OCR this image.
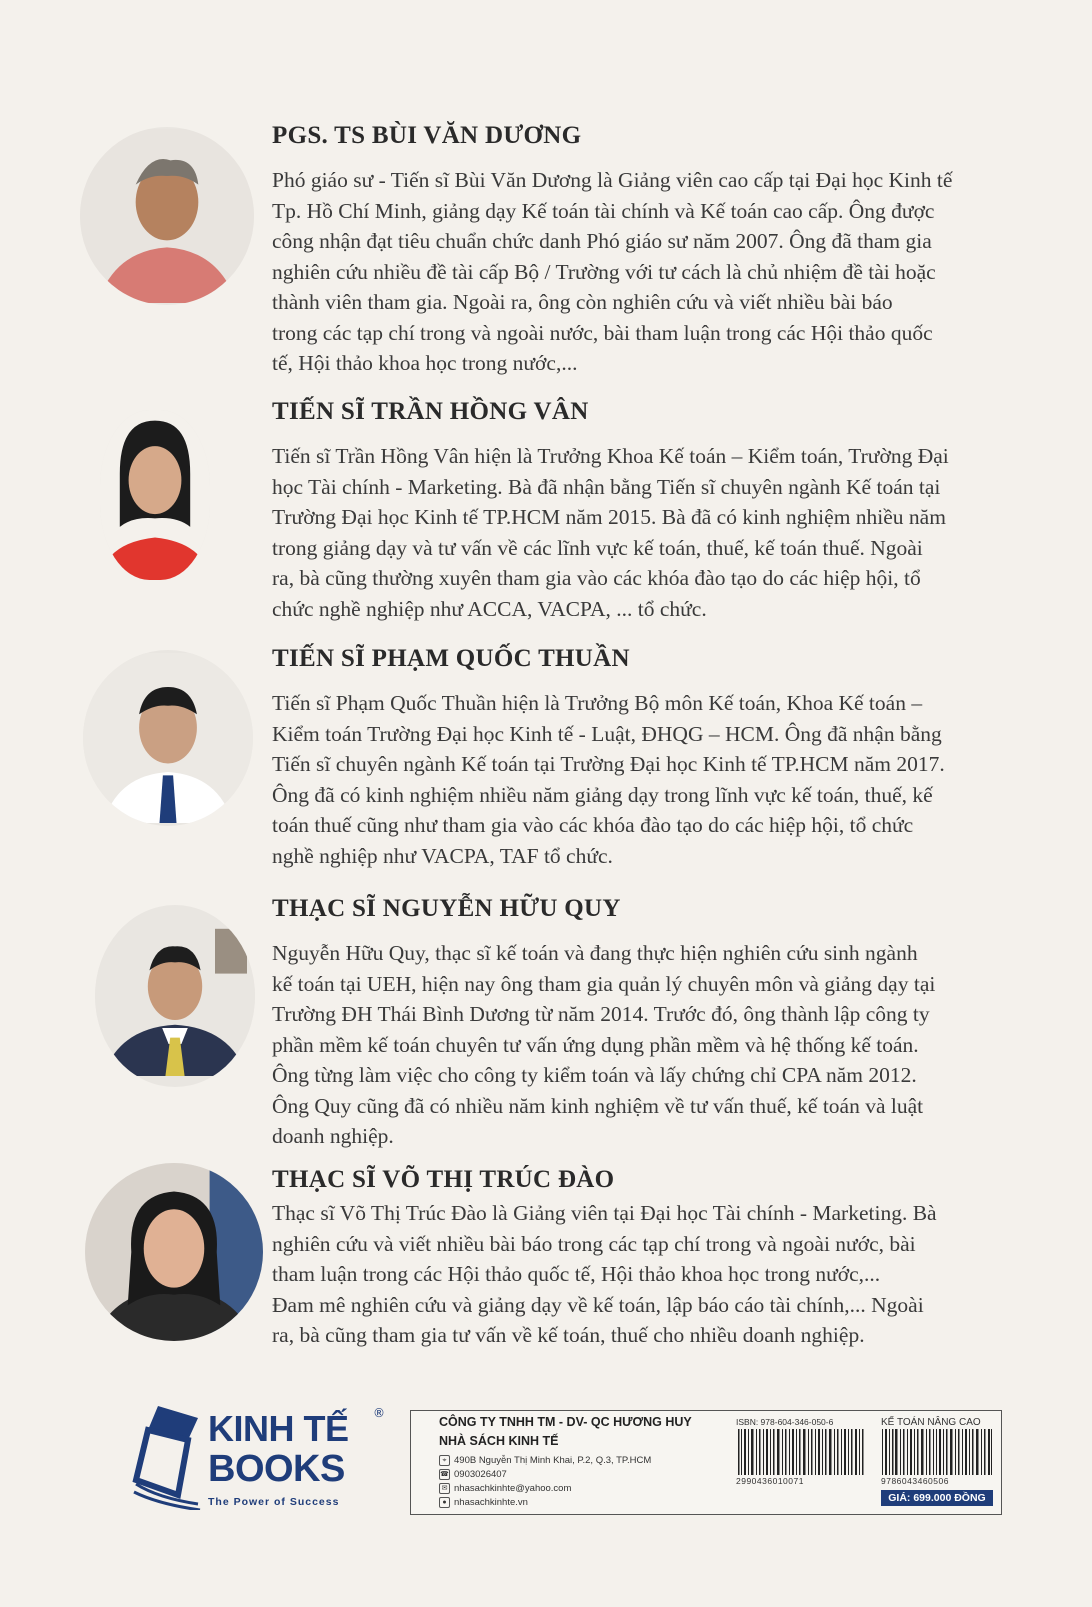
PGS. TS BÙI VĂN DƯƠNG
Phó giáo sư - Tiến sĩ Bùi Văn Dương là Giảng viên cao cấp tại Đại học Kinh tế
Tp. Hồ Chí Minh, giảng dạy Kế toán tài chính và Kế toán cao cấp. Ông được
công nhận đạt tiêu chuẩn chức danh Phó giáo sư năm 2007. Ông đã tham gia
nghiên cứu nhiều đề tài cấp Bộ / Trường với tư cách là chủ nhiệm đề tài hoặc
thành viên tham gia. Ngoài ra, ông còn nghiên cứu và viết nhiều bài báo
trong các tạp chí trong và ngoài nước, bài tham luận trong các Hội thảo quốc
tế, Hội thảo khoa học trong nước,...
TIẾN SĨ TRẦN HỒNG VÂN
Tiến sĩ Trần Hồng Vân hiện là Trưởng Khoa Kế toán – Kiểm toán, Trường Đại
học Tài chính - Marketing. Bà đã nhận bằng Tiến sĩ chuyên ngành Kế toán tại
Trường Đại học Kinh tế TP.HCM năm 2015. Bà đã có kinh nghiệm nhiều năm
trong giảng dạy và tư vấn về các lĩnh vực kế toán, thuế, kế toán thuế. Ngoài
ra, bà cũng thường xuyên tham gia vào các khóa đào tạo do các hiệp hội, tổ
chức nghề nghiệp như ACCA, VACPA, ... tổ chức.
TIẾN SĨ PHẠM QUỐC THUẦN
Tiến sĩ Phạm Quốc Thuần hiện là Trưởng Bộ môn Kế toán, Khoa Kế toán –
Kiểm toán Trường Đại học Kinh tế - Luật, ĐHQG – HCM. Ông đã nhận bằng
Tiến sĩ chuyên ngành Kế toán tại Trường Đại học Kinh tế TP.HCM năm 2017.
Ông đã có kinh nghiệm nhiều năm giảng dạy trong lĩnh vực kế toán, thuế, kế
toán thuế cũng như tham gia vào các khóa đào tạo do các hiệp hội, tổ chức
nghề nghiệp như VACPA, TAF tổ chức.
THẠC SĨ NGUYỄN HỮU QUY
Nguyễn Hữu Quy, thạc sĩ kế toán và đang thực hiện nghiên cứu sinh ngành
kế toán tại UEH, hiện nay ông tham gia quản lý chuyên môn và giảng dạy tại
Trường ĐH Thái Bình Dương từ năm 2014. Trước đó, ông thành lập công ty
phần mềm kế toán chuyên tư vấn ứng dụng phần mềm và hệ thống kế toán.
Ông từng làm việc cho công ty kiểm toán và lấy chứng chỉ CPA năm 2012.
Ông Quy cũng đã có nhiều năm kinh nghiệm về tư vấn thuế, kế toán và luật
doanh nghiệp.
THẠC SĨ VÕ THỊ TRÚC ĐÀO
Thạc sĩ Võ Thị Trúc Đào là Giảng viên tại Đại học Tài chính - Marketing. Bà
nghiên cứu và viết nhiều bài báo trong các tạp chí trong và ngoài nước, bài
tham luận trong các Hội thảo quốc tế, Hội thảo khoa học trong nước,...
Đam mê nghiên cứu và giảng dạy về kế toán, lập báo cáo tài chính,... Ngoài
ra, bà cũng tham gia tư vấn về kế toán, thuế cho nhiều doanh nghiệp.
KINH TẾ ®
BOOKS
The Power of Success
CÔNG TY TNHH TM - DV- QC HƯƠNG HUY
NHÀ SÁCH KINH TẾ
⌖ 490B Nguyễn Thị Minh Khai, P.2, Q.3, TP.HCM
☎ 0903026407
✉ nhasachkinhte@yahoo.com
● nhasachkinhte.vn
ISBN: 978-604-346-050-6
2990436010071
KẾ TOÁN NÂNG CAO
9786043460506
GIÁ: 699.000 ĐỒNG
